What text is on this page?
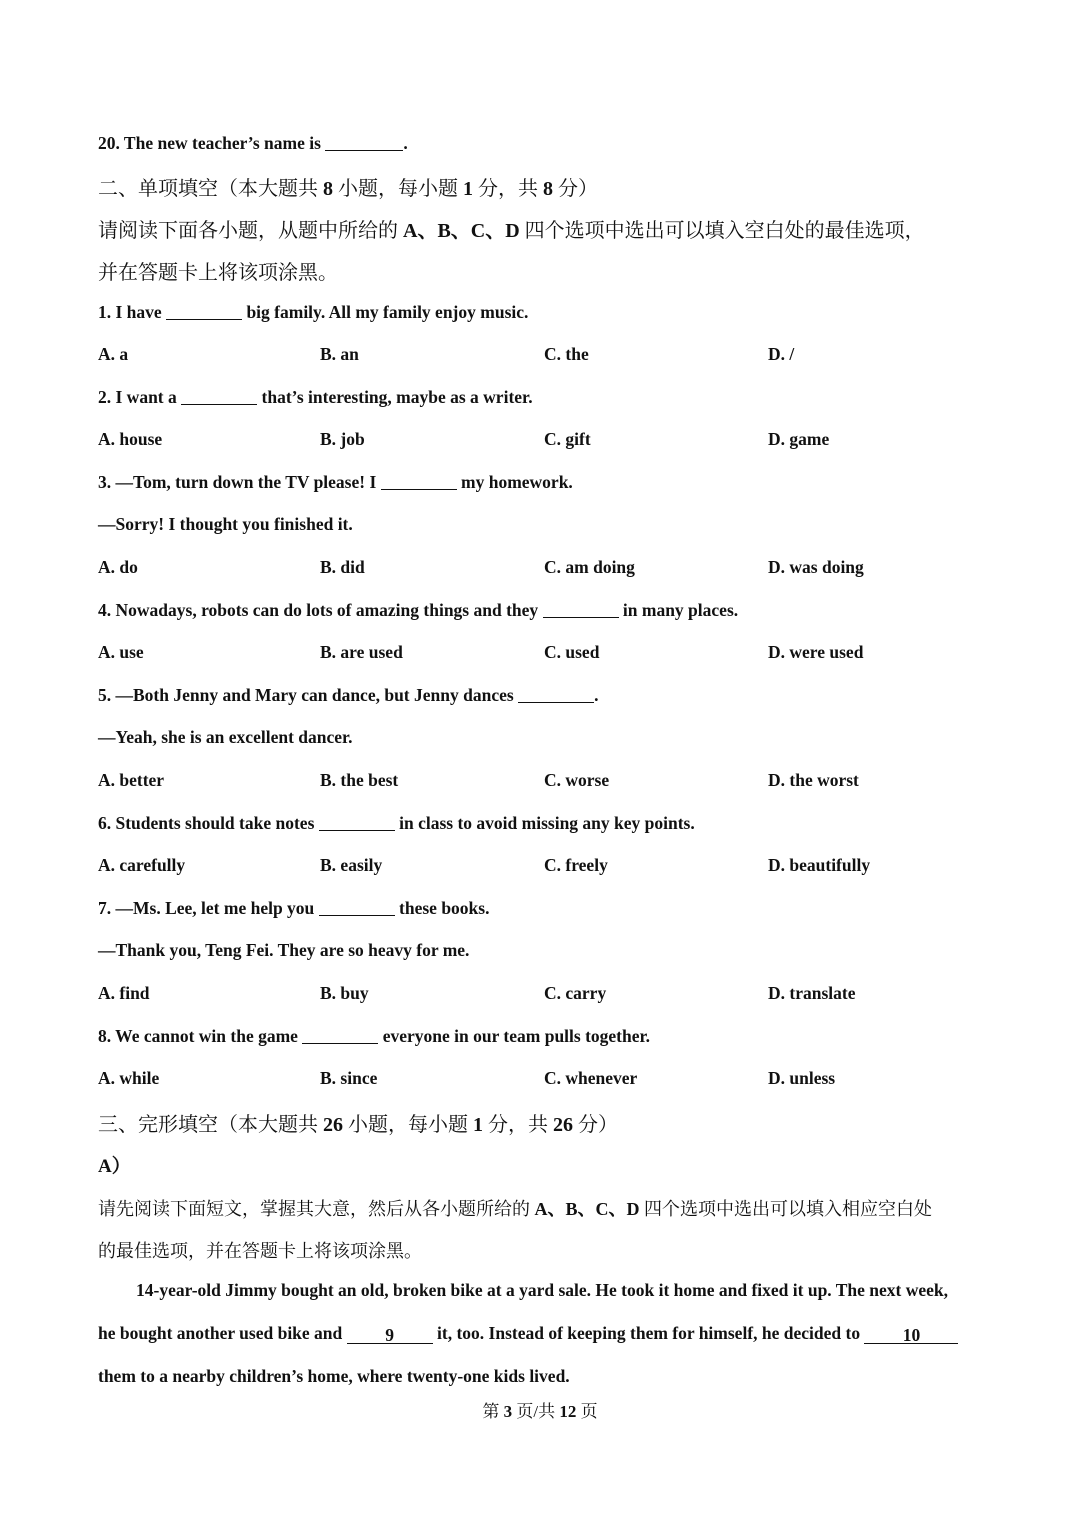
20. The new teacher’s name is	.
二、单项填空（本大题共 8 小题，每小题 1 分，共 8 分）
请阅读下面各小题，从题中所给的 A、B、C、D 四个选项中选出可以填入空白处的最佳选项，
并在答题卡上将该项涂黑。
1. I have	big family. All my family enjoy music.
A. a	B. an	C. the	D. /
2. I want a	that’s interesting, maybe as a writer.
A. house	B. job	C. gift	D. game
3. —Tom, turn down the TV please! I	my homework.
—Sorry! I thought you finished it.
A. do	B. did	C. am doing	D. was doing
4. Nowadays, robots can do lots of amazing things and they	in many places.
A. use	B. are used	C. used	D. were used
5. —Both Jenny and Mary can dance, but Jenny dances	.
—Yeah, she is an excellent dancer.
A. better	B. the best	C. worse	D. the worst
6. Students should take notes	in class to avoid missing any key points.
A. carefully	B. easily	C. freely	D. beautifully
7. —Ms. Lee, let me help you	these books.
—Thank you, Teng Fei. They are so heavy for me.
A. find	B. buy	C. carry	D. translate
8. We cannot win the game	everyone in our team pulls together.
A. while	B. since	C. whenever	D. unless
三、完形填空（本大题共 26 小题，每小题 1 分，共 26 分）
A）
请先阅读下面短文，掌握其大意，然后从各小题所给的 A、B、C、D 四个选项中选出可以填入相应空白处
的最佳选项，并在答题卡上将该项涂黑。
14-year-old Jimmy bought an old, broken bike at a yard sale. He took it home and fixed it up. The next week,
he bought another used bike and 9 it, too. Instead of keeping them for himself, he decided to 10
them to a nearby children’s home, where twenty-one kids lived.
第 3 页/共 12 页
